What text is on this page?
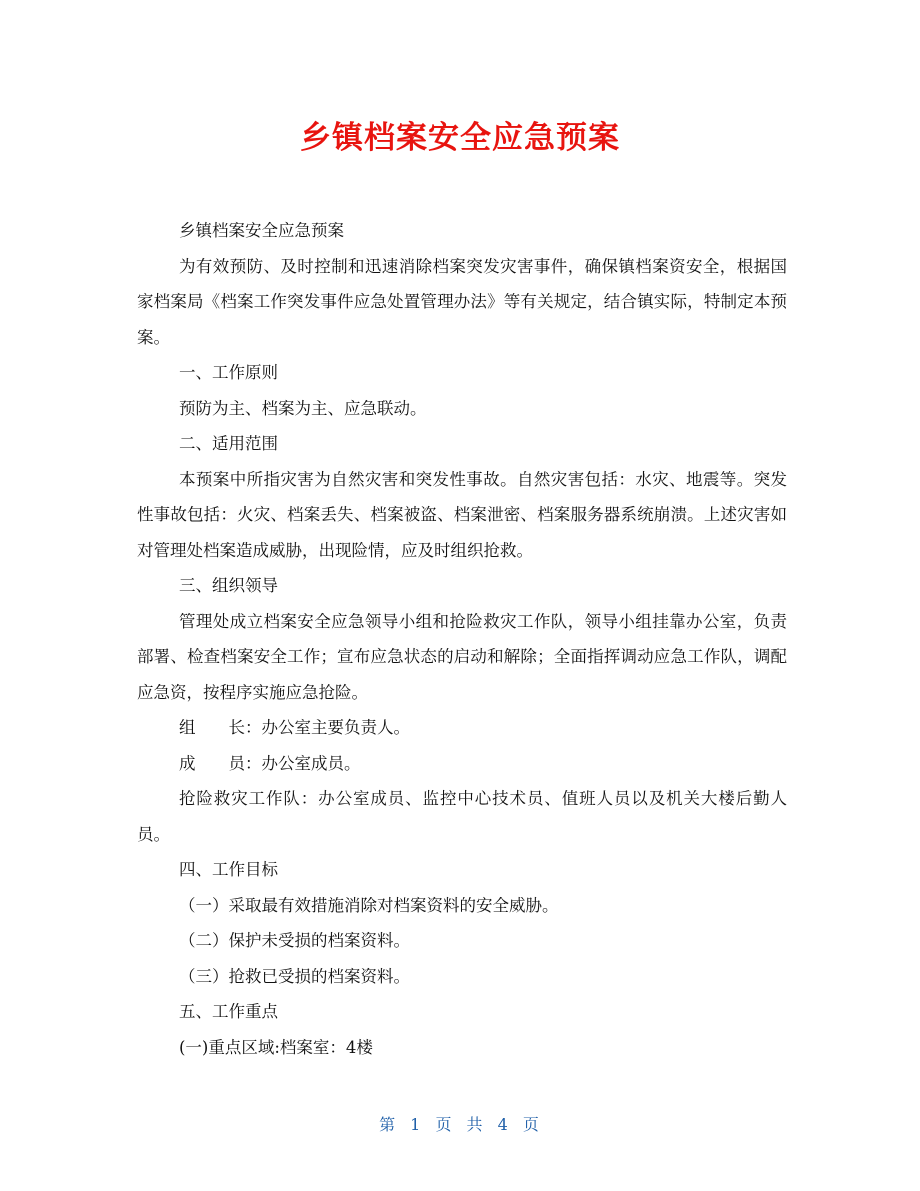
乡镇档案安全应急预案

乡镇档案安全应急预案

为有效预防、及时控制和迅速消除档案突发灾害事件，确保镇档案资安全，根据国家档案局《档案工作突发事件应急处置管理办法》等有关规定，结合镇实际，特制定本预案。

一、工作原则

预防为主、档案为主、应急联动。

二、适用范围

本预案中所指灾害为自然灾害和突发性事故。自然灾害包括：水灾、地震等。突发性事故包括：火灾、档案丢失、档案被盗、档案泄密、档案服务器系统崩溃。上述灾害如对管理处档案造成威胁，出现险情，应及时组织抢救。

三、组织领导

管理处成立档案安全应急领导小组和抢险救灾工作队，领导小组挂靠办公室，负责部署、检查档案安全工作；宣布应急状态的启动和解除；全面指挥调动应急工作队，调配应急资，按程序实施应急抢险。

组　　长：办公室主要负责人。

成　　员：办公室成员。

抢险救灾工作队：办公室成员、监控中心技术员、值班人员以及机关大楼后勤人员。

四、工作目标

（一）采取最有效措施消除对档案资料的安全威胁。

（二）保护未受损的档案资料。

（三）抢救已受损的档案资料。

五、工作重点

(一)重点区域:档案室：4楼

第 1 页 共 4 页
